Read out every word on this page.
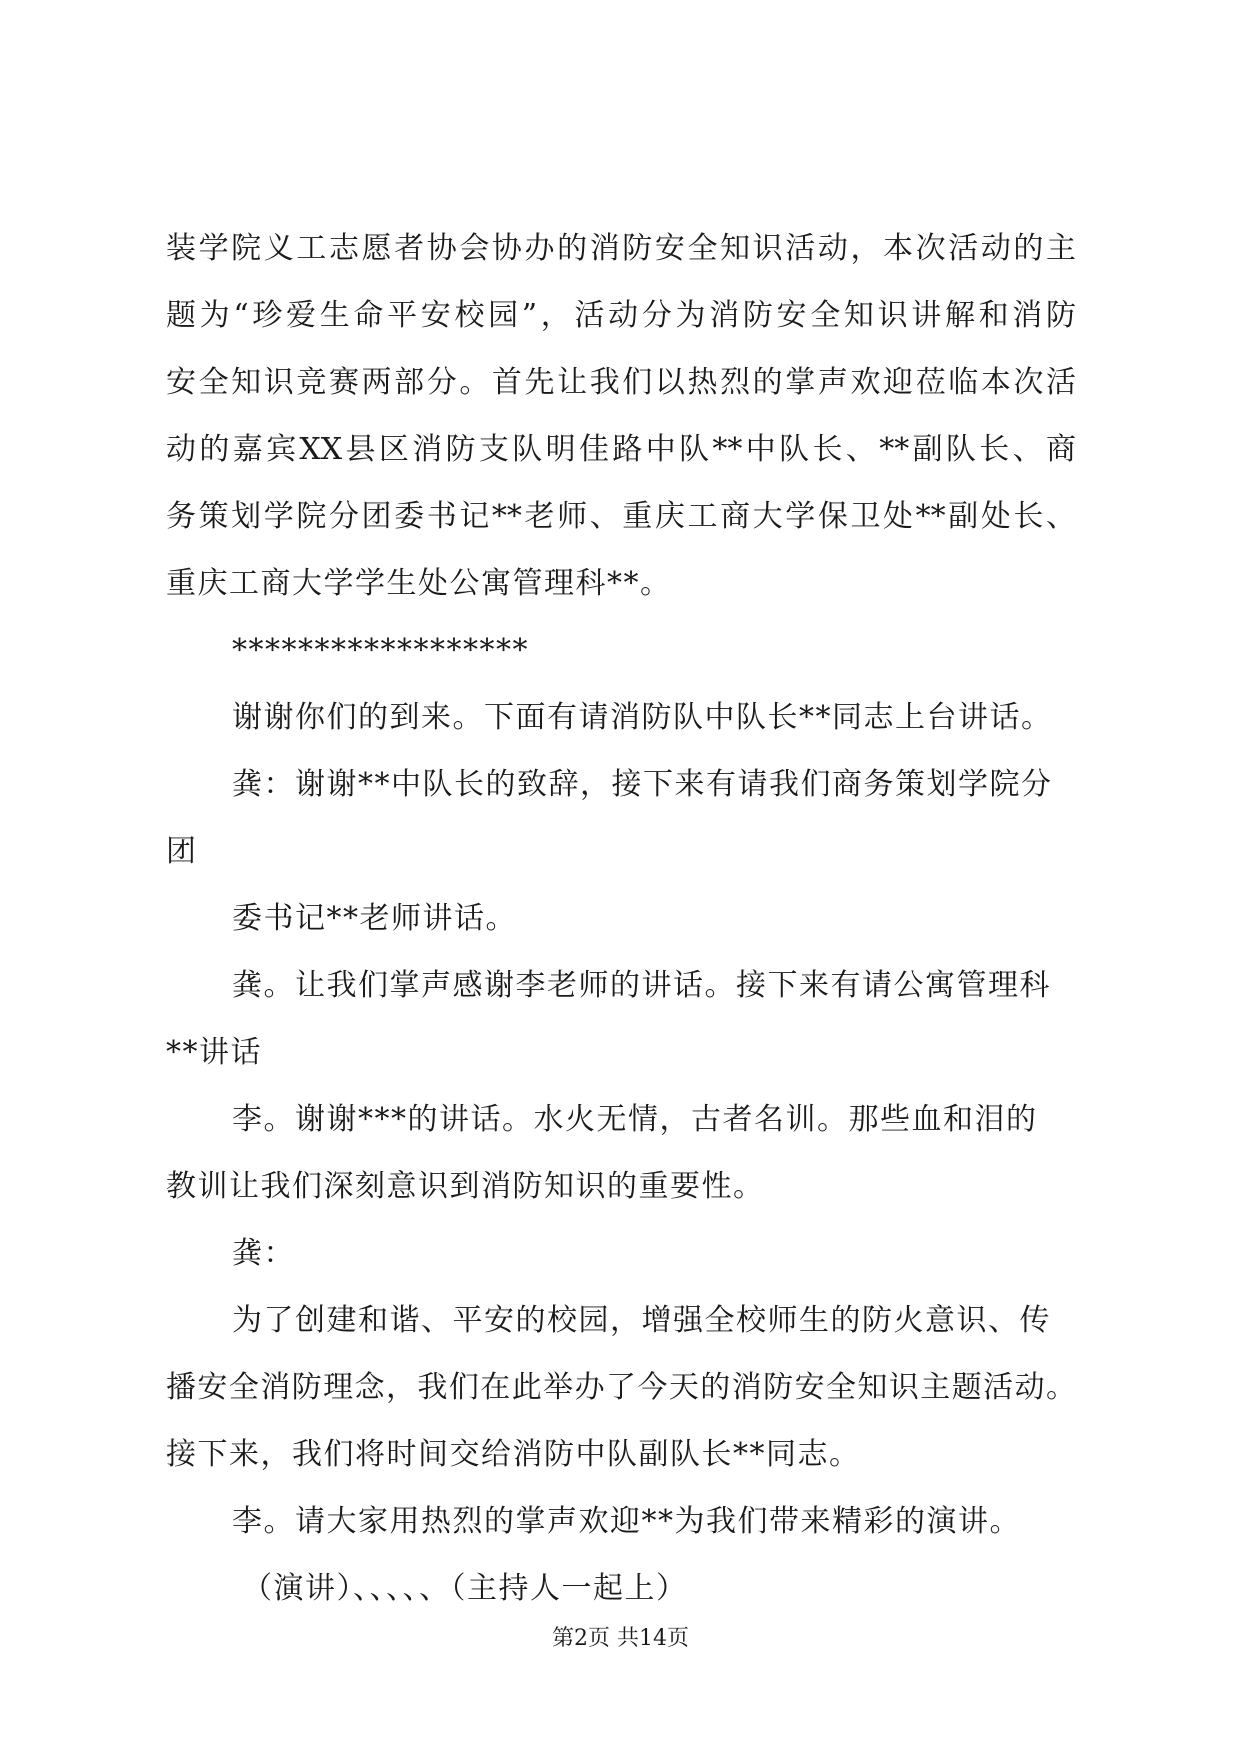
装学院义工志愿者协会协办的消防安全知识活动，本次活动的主
题为“珍爱生命平安校园”，活动分为消防安全知识讲解和消防
安全知识竞赛两部分。首先让我们以热烈的掌声欢迎莅临本次活
动的嘉宾XX县区消防支队明佳路中队**中队长、**副队长、商
务策划学院分团委书记**老师、重庆工商大学保卫处**副处长、
重庆工商大学学生处公寓管理科**。
******************
谢谢你们的到来。下面有请消防队中队长**同志上台讲话。
龚：谢谢**中队长的致辞，接下来有请我们商务策划学院分
团
委书记**老师讲话。
龚。让我们掌声感谢李老师的讲话。接下来有请公寓管理科
**讲话
李。谢谢***的讲话。水火无情，古者名训。那些血和泪的
教训让我们深刻意识到消防知识的重要性。
龚：
为了创建和谐、平安的校园，增强全校师生的防火意识、传
播安全消防理念，我们在此举办了今天的消防安全知识主题活动。
接下来，我们将时间交给消防中队副队长**同志。
李。请大家用热烈的掌声欢迎**为我们带来精彩的演讲。
（演讲）、、、、、（主持人一起上）
第2页 共14页
